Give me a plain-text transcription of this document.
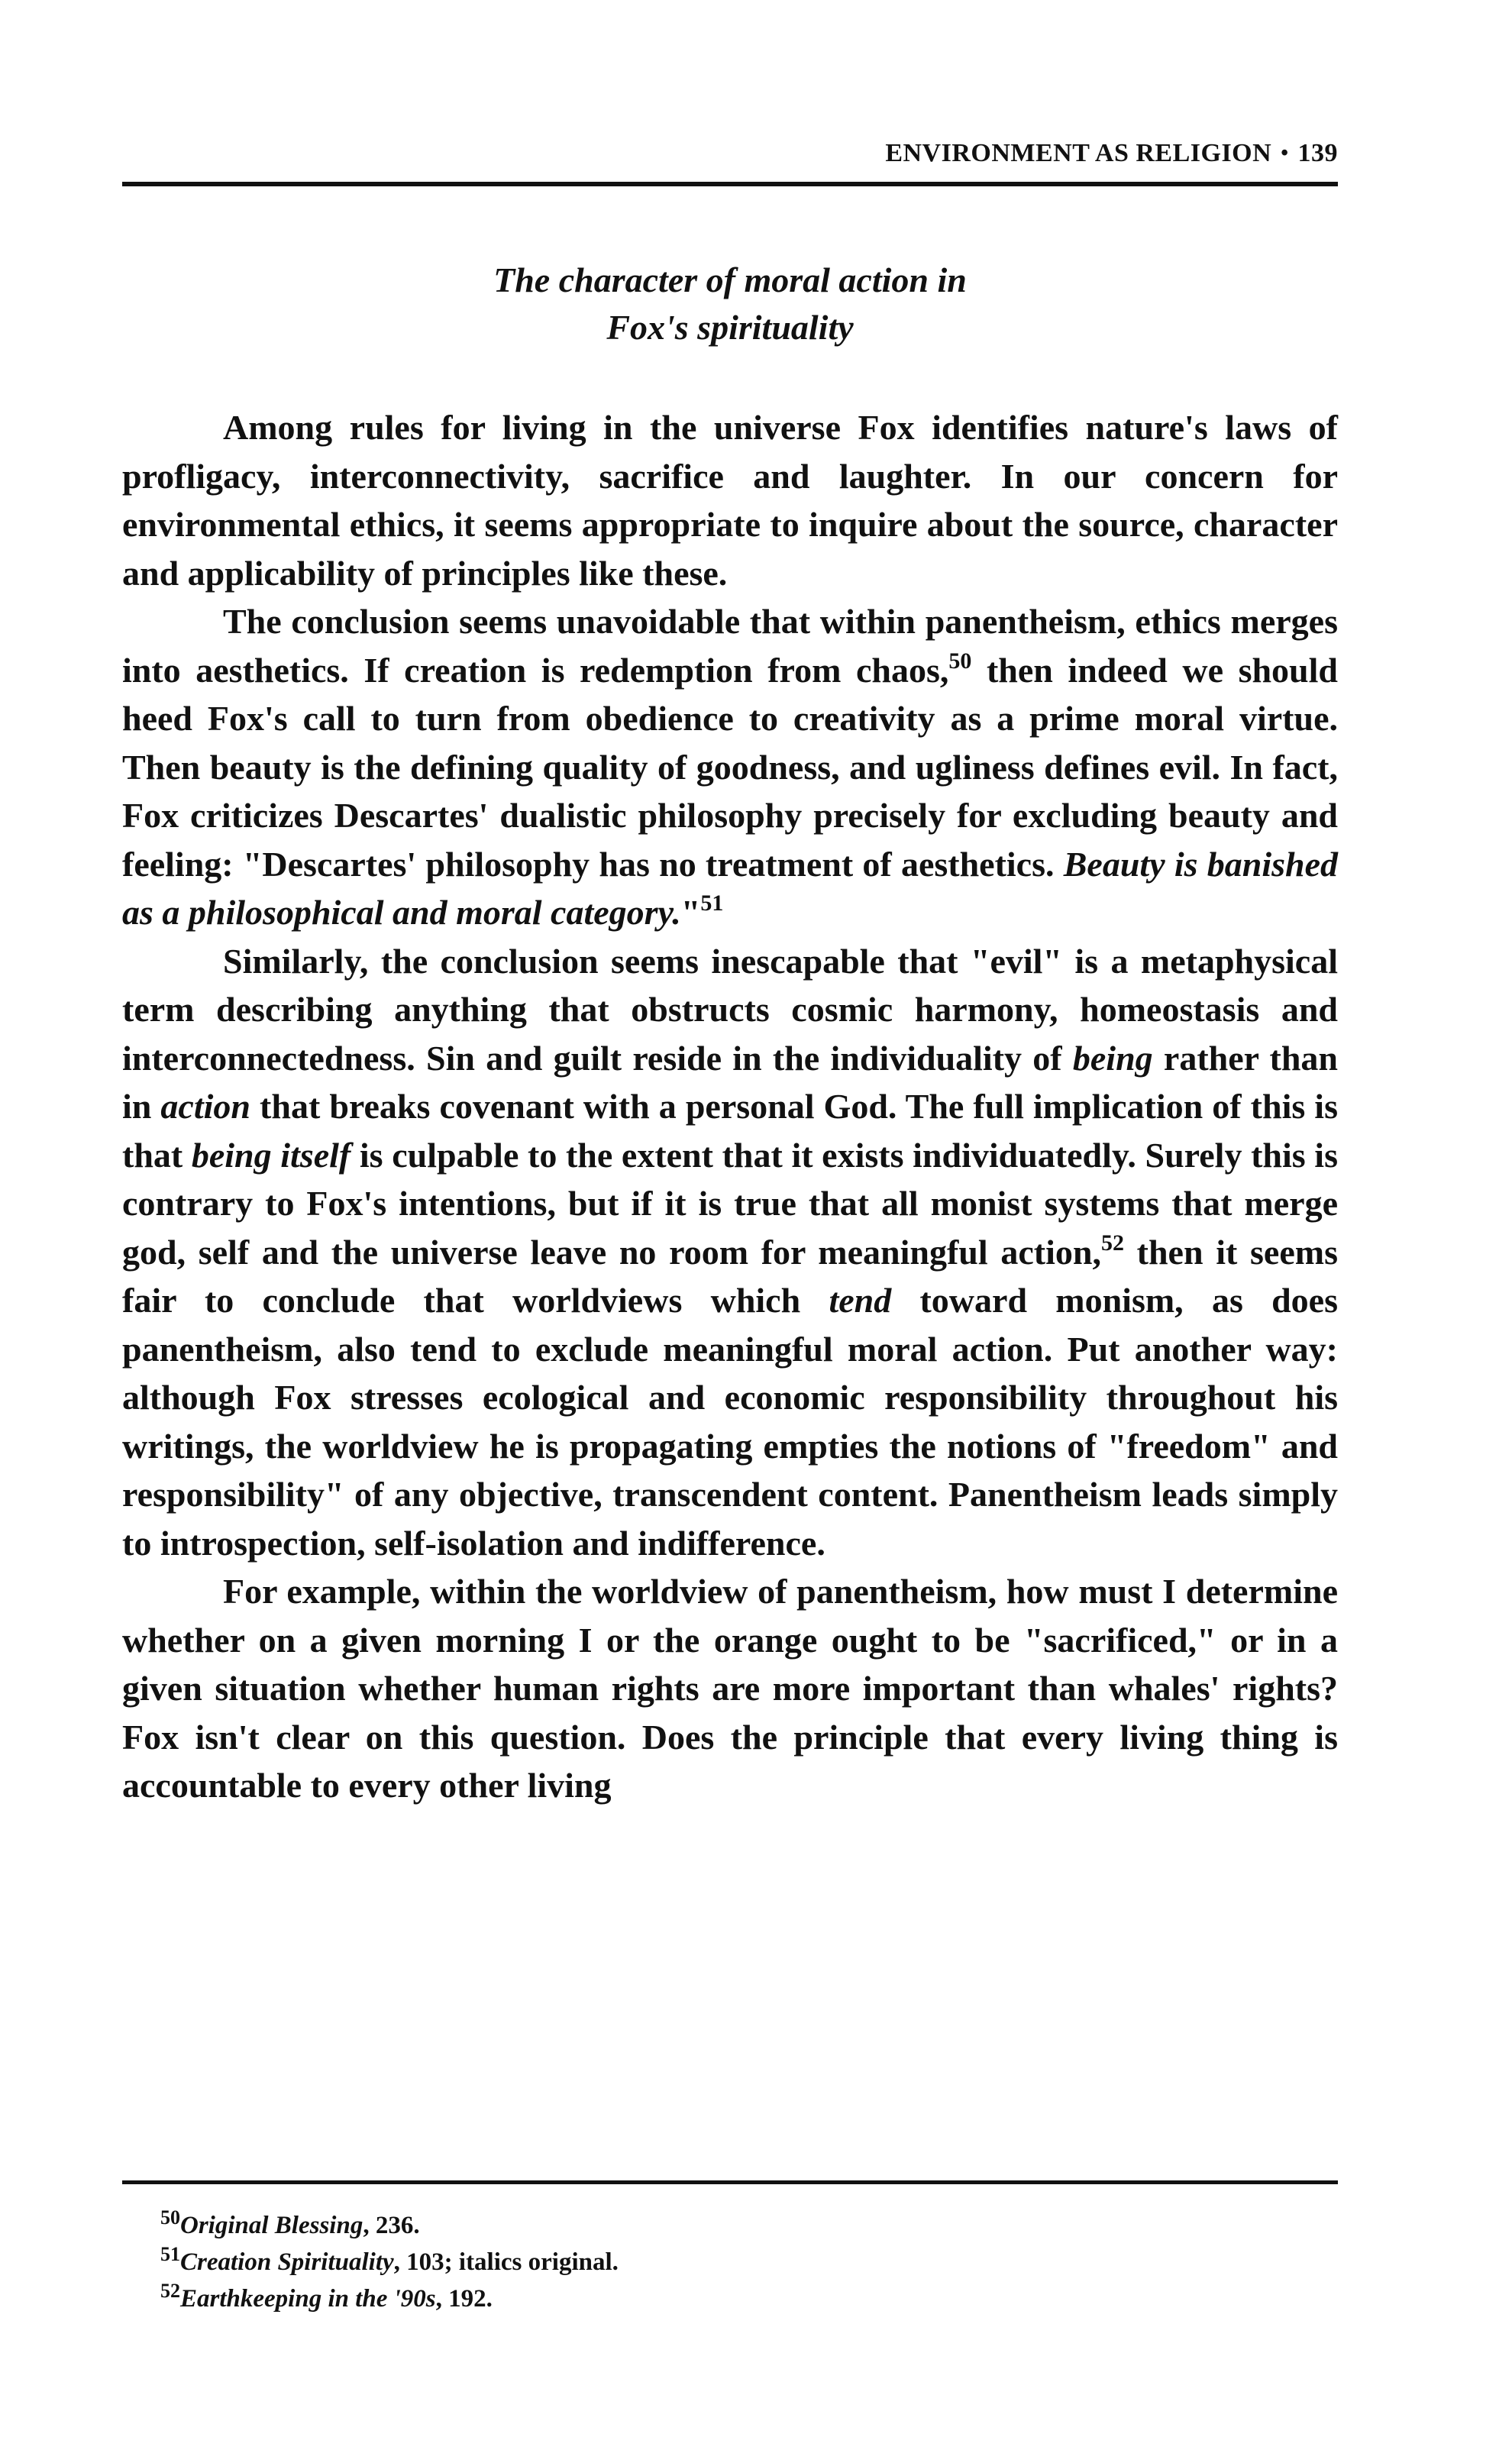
ENVIRONMENT AS RELIGION • 139
The character of moral action in
Fox's spirituality

Among rules for living in the universe Fox identifies nature's laws of profligacy, interconnectivity, sacrifice and laughter. In our concern for environmental ethics, it seems appropriate to inquire about the source, character and applicability of principles like these.

The conclusion seems unavoidable that within panentheism, ethics merges into aesthetics. If creation is redemption from chaos,$^{50}$ then indeed we should heed Fox's call to turn from obedience to creativity as a prime moral virtue. Then beauty is the defining quality of goodness, and ugliness defines evil. In fact, Fox criticizes Descartes' dualistic philosophy precisely for excluding beauty and feeling: "Descartes' philosophy has no treatment of aesthetics. Beauty is banished as a philosophical and moral category."$^{51}$

Similarly, the conclusion seems inescapable that "evil" is a metaphysical term describing anything that obstructs cosmic harmony, homeostasis and interconnectedness. Sin and guilt reside in the individuality of being rather than in action that breaks covenant with a personal God. The full implication of this is that being itself is culpable to the extent that it exists individuatedly. Surely this is contrary to Fox's intentions, but if it is true that all monist systems that merge god, self and the universe leave no room for meaningful action,$^{52}$ then it seems fair to conclude that worldviews which tend toward monism, as does panentheism, also tend to exclude meaningful moral action. Put another way: although Fox stresses ecological and economic responsibility throughout his writings, the worldview he is propagating empties the notions of "freedom" and responsibility" of any objective, transcendent content. Panentheism leads simply to introspection, self-isolation and indifference.

For example, within the worldview of panentheism, how must I determine whether on a given morning I or the orange ought to be "sacrificed," or in a given situation whether human rights are more important than whales' rights? Fox isn't clear on this question. Does the principle that every living thing is accountable to every other living

$^{50}$Original Blessing, 236.
$^{51}$Creation Spirituality, 103; italics original.
$^{52}$Earthkeeping in the '90s, 192.
